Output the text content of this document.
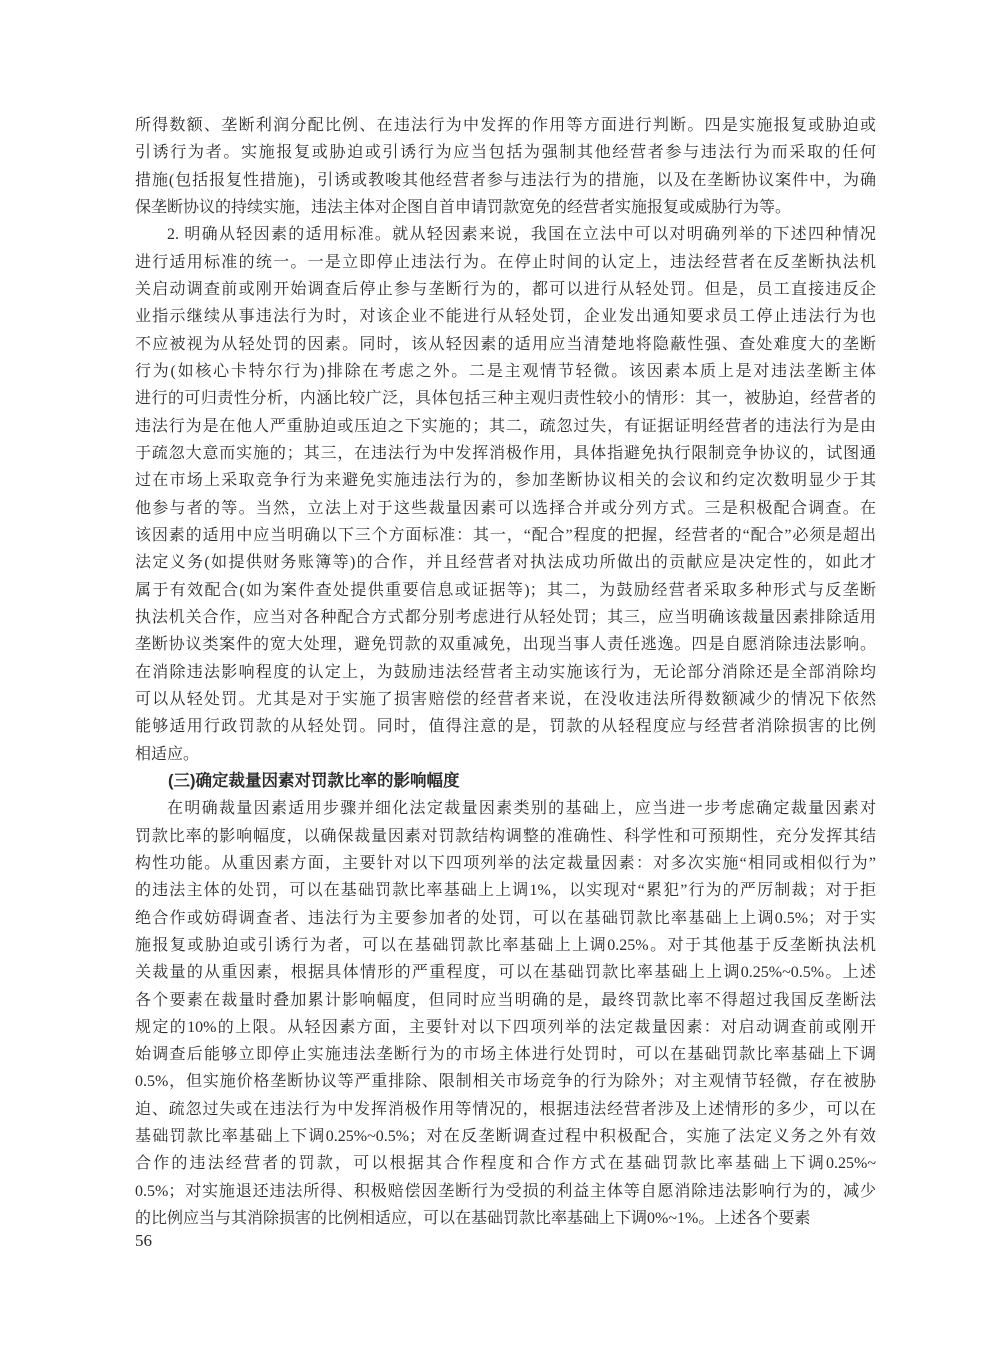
所得数额、垄断利润分配比例、在违法行为中发挥的作用等方面进行判断。四是实施报复或胁迫或
引诱行为者。实施报复或胁迫或引诱行为应当包括为强制其他经营者参与违法行为而采取的任何
措施(包括报复性措施)，引诱或教唆其他经营者参与违法行为的措施，以及在垄断协议案件中，为确
保垄断协议的持续实施，违法主体对企图自首申请罚款宽免的经营者实施报复或威胁行为等。
2. 明确从轻因素的适用标准。就从轻因素来说，我国在立法中可以对明确列举的下述四种情况
进行适用标准的统一。一是立即停止违法行为。在停止时间的认定上，违法经营者在反垄断执法机
关启动调查前或刚开始调查后停止参与垄断行为的，都可以进行从轻处罚。但是，员工直接违反企
业指示继续从事违法行为时，对该企业不能进行从轻处罚，企业发出通知要求员工停止违法行为也
不应被视为从轻处罚的因素。同时，该从轻因素的适用应当清楚地将隐蔽性强、查处难度大的垄断
行为(如核心卡特尔行为)排除在考虑之外。二是主观情节轻微。该因素本质上是对违法垄断主体
进行的可归责性分析，内涵比较广泛，具体包括三种主观归责性较小的情形：其一，被胁迫，经营者的
违法行为是在他人严重胁迫或压迫之下实施的；其二，疏忽过失，有证据证明经营者的违法行为是由
于疏忽大意而实施的；其三，在违法行为中发挥消极作用，具体指避免执行限制竞争协议的，试图通
过在市场上采取竞争行为来避免实施违法行为的，参加垄断协议相关的会议和约定次数明显少于其
他参与者的等。当然，立法上对于这些裁量因素可以选择合并或分列方式。三是积极配合调查。在
该因素的适用中应当明确以下三个方面标准：其一，“配合”程度的把握，经营者的“配合”必须是超出
法定义务(如提供财务账簿等)的合作，并且经营者对执法成功所做出的贡献应是决定性的，如此才
属于有效配合(如为案件查处提供重要信息或证据等)；其二，为鼓励经营者采取多种形式与反垄断
执法机关合作，应当对各种配合方式都分别考虑进行从轻处罚；其三，应当明确该裁量因素排除适用
垄断协议类案件的宽大处理，避免罚款的双重减免，出现当事人责任逃逸。四是自愿消除违法影响。
在消除违法影响程度的认定上，为鼓励违法经营者主动实施该行为，无论部分消除还是全部消除均
可以从轻处罚。尤其是对于实施了损害赔偿的经营者来说，在没收违法所得数额减少的情况下依然
能够适用行政罚款的从轻处罚。同时，值得注意的是，罚款的从轻程度应与经营者消除损害的比例
相适应。
(三)确定裁量因素对罚款比率的影响幅度
在明确裁量因素适用步骤并细化法定裁量因素类别的基础上，应当进一步考虑确定裁量因素对
罚款比率的影响幅度，以确保裁量因素对罚款结构调整的准确性、科学性和可预期性，充分发挥其结
构性功能。从重因素方面，主要针对以下四项列举的法定裁量因素：对多次实施“相同或相似行为”
的违法主体的处罚，可以在基础罚款比率基础上上调1%，以实现对“累犯”行为的严厉制裁；对于拒
绝合作或妨碍调查者、违法行为主要参加者的处罚，可以在基础罚款比率基础上上调0.5%；对于实
施报复或胁迫或引诱行为者，可以在基础罚款比率基础上上调0.25%。对于其他基于反垄断执法机
关裁量的从重因素，根据具体情形的严重程度，可以在基础罚款比率基础上上调0.25%~0.5%。上述
各个要素在裁量时叠加累计影响幅度，但同时应当明确的是，最终罚款比率不得超过我国反垄断法
规定的10%的上限。从轻因素方面，主要针对以下四项列举的法定裁量因素：对启动调查前或刚开
始调查后能够立即停止实施违法垄断行为的市场主体进行处罚时，可以在基础罚款比率基础上下调
0.5%，但实施价格垄断协议等严重排除、限制相关市场竞争的行为除外；对主观情节轻微，存在被胁
迫、疏忽过失或在违法行为中发挥消极作用等情况的，根据违法经营者涉及上述情形的多少，可以在
基础罚款比率基础上下调0.25%~0.5%；对在反垄断调查过程中积极配合，实施了法定义务之外有效
合作的违法经营者的罚款，可以根据其合作程度和合作方式在基础罚款比率基础上下调0.25%~
0.5%；对实施退还违法所得、积极赔偿因垄断行为受损的利益主体等自愿消除违法影响行为的，减少
的比例应当与其消除损害的比例相适应，可以在基础罚款比率基础上下调0%~1%。上述各个要素
56
